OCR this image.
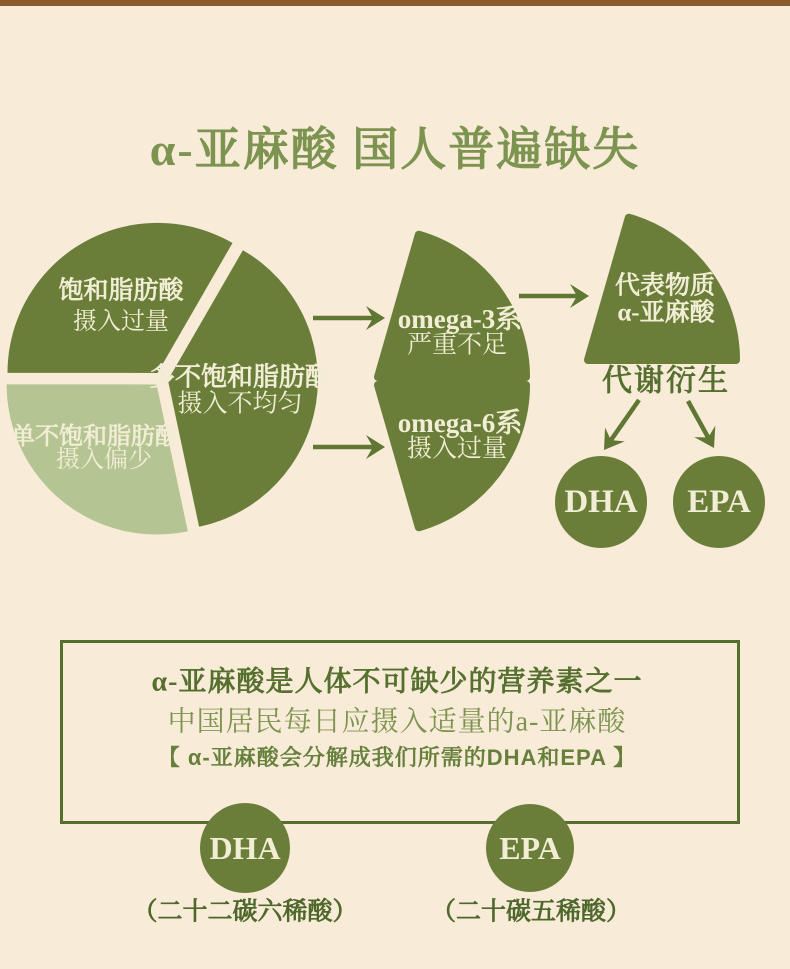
α-亚麻酸 国人普遍缺失
饱和脂肪酸
摄入过量
多不饱和脂肪酸
摄入不均匀
单不饱和脂肪酸
摄入偏少
omega-3系
严重不足
omega-6系
摄入过量
代表物质
α-亚麻酸
代谢衍生
DHA EPA
α-亚麻酸是人体不可缺少的营养素之一
中国居民每日应摄入适量的a-亚麻酸
【 α-亚麻酸会分解成我们所需的DHA和EPA 】
DHA	EPA
（二十二碳六稀酸）	（二十碳五稀酸）
